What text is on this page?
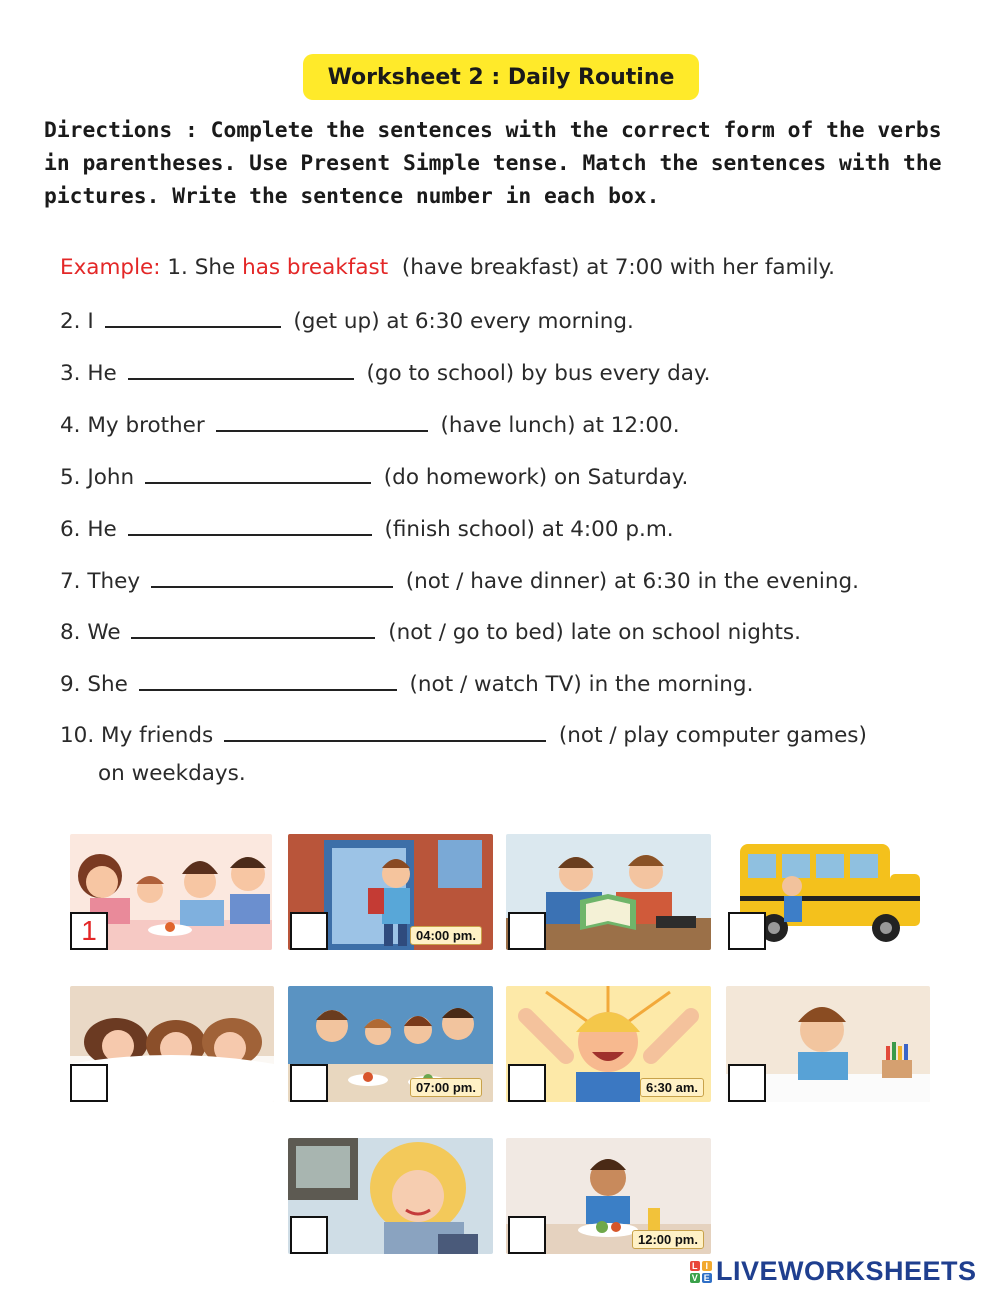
Worksheet 2 : Daily Routine
Directions : Complete the sentences with the correct form of the verbs in parentheses. Use Present Simple tense. Match the sentences with the pictures. Write the sentence number in each box.
Example: 1. She has breakfast (have breakfast) at 7:00 with her family.
2. I	(get up) at 6:30 every morning.
3. He	(go to school) by bus every day.
4. My brother	(have lunch) at 12:00.
5. John	(do homework) on Saturday.
6. He	(finish school) at 4:00 p.m.
7. They	(not / have dinner) at 6:30 in the evening.
8. We	(not / go to bed) late on school nights.
9. She	(not / watch TV) in the morning.
10. My friends	(not / play computer games)
on weekdays.
1	04:00 pm.
07:00 pm.	6:30 am.
12:00 pm.
L I
V E LIVEWORKSHEETS
